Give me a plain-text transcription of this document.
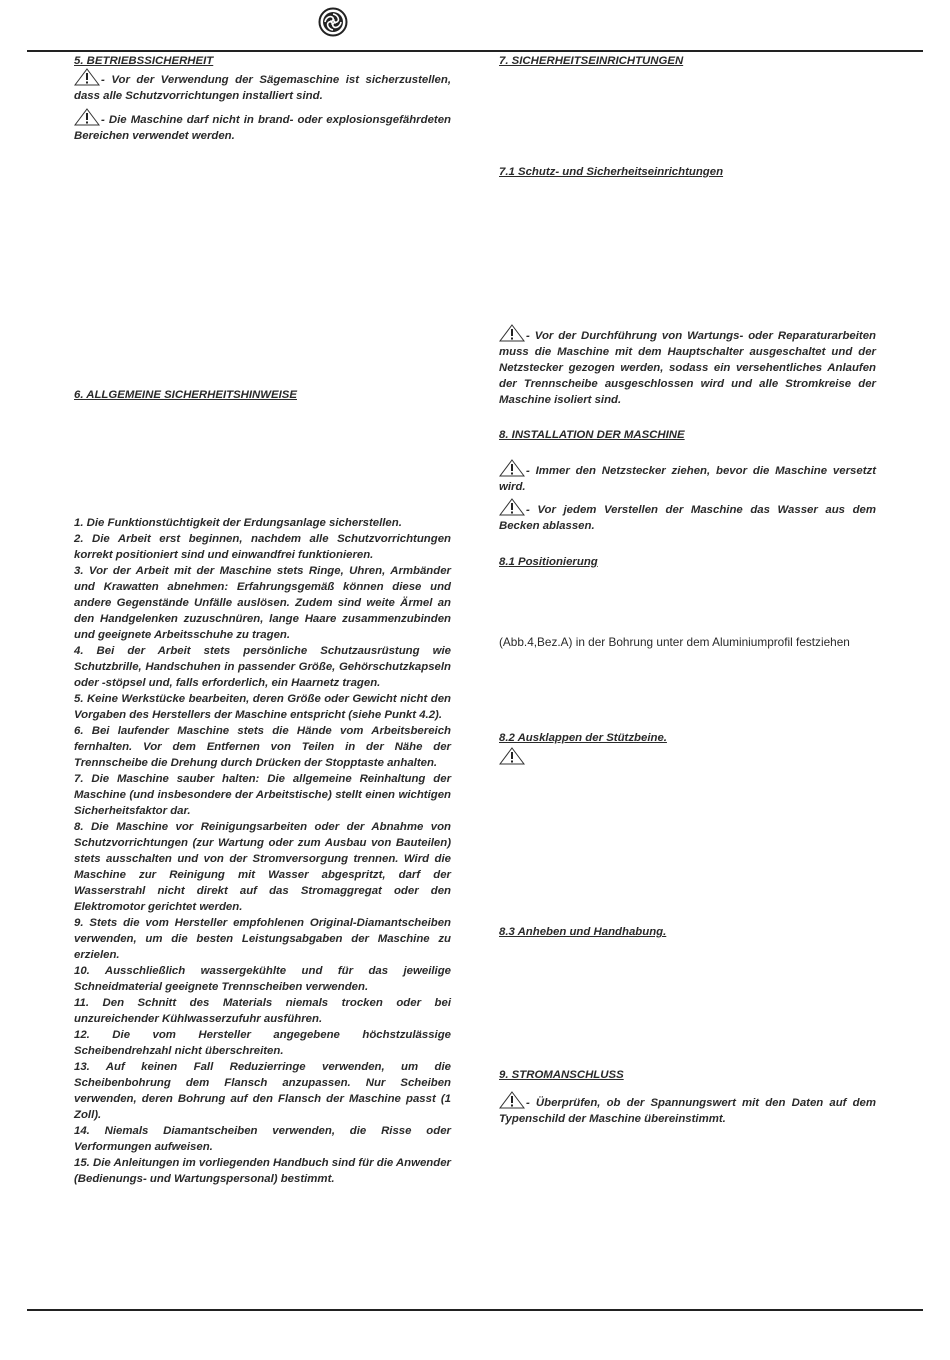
5. BETRIEBSSICHERHEIT

- Vor der Verwendung der Sägemaschine ist sicherzustellen, dass alle Schutzvorrichtungen installiert sind.

- Die Maschine darf nicht in brand- oder explosionsgefährdeten Bereichen verwendet werden.

6. ALLGEMEINE SICHERHEITSHINWEISE

1. Die Funktionstüchtigkeit der Erdungsanlage sicherstellen.
2. Die Arbeit erst beginnen, nachdem alle Schutzvorrichtungen korrekt positioniert sind und einwandfrei funktionieren.
3. Vor der Arbeit mit der Maschine stets Ringe, Uhren, Armbänder und Krawatten abnehmen: Erfahrungsgemäß können diese und andere Gegenstände Unfälle auslösen. Zudem sind weite Ärmel an den Handgelenken zuzuschnüren, lange Haare zusammenzubinden und geeignete Arbeitsschuhe zu tragen.
4. Bei der Arbeit stets persönliche Schutzausrüstung wie Schutzbrille, Handschuhen in passender Größe, Gehörschutzkapseln oder -stöpsel und, falls erforderlich, ein Haarnetz tragen.
5. Keine Werkstücke bearbeiten, deren Größe oder Gewicht nicht den Vorgaben des Herstellers der Maschine entspricht (siehe Punkt 4.2).
6. Bei laufender Maschine stets die Hände vom Arbeitsbereich fernhalten. Vor dem Entfernen von Teilen in der Nähe der Trennscheibe die Drehung durch Drücken der Stopptaste anhalten.
7. Die Maschine sauber halten: Die allgemeine Reinhaltung der Maschine (und insbesondere der Arbeitstische) stellt einen wichtigen Sicherheitsfaktor dar.
8. Die Maschine vor Reinigungsarbeiten oder der Abnahme von Schutzvorrichtungen (zur Wartung oder zum Ausbau von Bauteilen) stets ausschalten und von der Stromversorgung trennen. Wird die Maschine zur Reinigung mit Wasser abgespritzt, darf der Wasserstrahl nicht direkt auf das Stromaggregat oder den Elektromotor gerichtet werden.
9. Stets die vom Hersteller empfohlenen Original-Diamantscheiben verwenden, um die besten Leistungsabgaben der Maschine zu erzielen.
10. Ausschließlich wassergekühlte und für das jeweilige Schneidmaterial geeignete Trennscheiben verwenden.
11. Den Schnitt des Materials niemals trocken oder bei unzureichender Kühlwasserzufuhr ausführen.
12. Die vom Hersteller angegebene höchstzulässige Scheibendrehzahl nicht überschreiten.
13. Auf keinen Fall Reduzierringe verwenden, um die Scheibenbohrung dem Flansch anzupassen. Nur Scheiben verwenden, deren Bohrung auf den Flansch der Maschine passt (1 Zoll).
14. Niemals Diamantscheiben verwenden, die Risse oder Verformungen aufweisen.
15. Die Anleitungen im vorliegenden Handbuch sind für die Anwender (Bedienungs- und Wartungspersonal) bestimmt.

7. SICHERHEITSEINRICHTUNGEN

7.1 Schutz- und Sicherheitseinrichtungen

- Vor der Durchführung von Wartungs- oder Reparaturarbeiten muss die Maschine mit dem Hauptschalter ausgeschaltet und der Netzstecker gezogen werden, sodass ein versehentliches Anlaufen der Trennscheibe ausgeschlossen wird und alle Stromkreise der Maschine isoliert sind.

8. INSTALLATION DER MASCHINE

- Immer den Netzstecker ziehen, bevor die Maschine versetzt wird.

- Vor jedem Verstellen der Maschine das Wasser aus dem Becken ablassen.

8.1 Positionierung

(Abb.4,Bez.A) in der Bohrung unter dem Aluminiumprofil festziehen

8.2 Ausklappen der Stützbeine.

8.3 Anheben und Handhabung.

9. STROMANSCHLUSS

- Überprüfen, ob der Spannungswert mit den Daten auf dem Typenschild der Maschine übereinstimmt.
